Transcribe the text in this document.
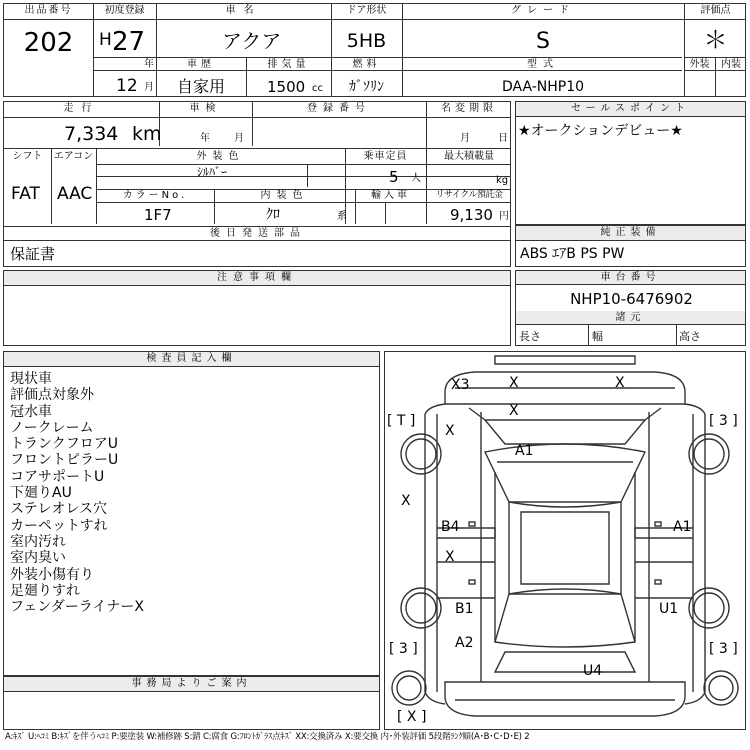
出品番号
202
初度登録
H 27
年
12 月
車名
アクア
ドア形状
5HB
グレード
S
評価点
＊
外装	内装
車歴
自家用
排気量
1500 cc
燃料
ｶﾞｿﾘﾝ
型式
DAA-NHP10
走行
7,334 km
車検
年 月
登録番号	名変期限
月	日
シフト
FAT
エアコン
AAC
外装色
ｼﾙﾊﾞｰ
乗車定員
5 人
最大積載量
kg
カラーNo.
1F7
内装色
ｸﾛ	系
輸入車	リサイクル預託金
9,130 円
後日発送部品
保証書
セールスポイント
★オークションデビュー★
純正装備
ABS ｴｱB PS PW
注意事項欄	車台番号
NHP10-6476902
諸元
長さ	幅	高さ
検査員記入欄
現状車
評価点対象外
冠水車
ノークレーム
トランクフロアU
フロントピラーU
コアサポートU
下廻りAU
ステレオレス穴
カーペットすれ
室内汚れ
室内臭い
外装小傷有り
足廻りすれ
フェンダーライナーX
事務局よりご案内
X3	X	X
X
[ T ]	[ 3 ]
X
A1
X
B4	A1
X
B1	U1
A2
[ 3 ]	[ 3 ]
U4
[ X ]
A:ｷｽﾞ U:ﾍｺﾐ B:ｷｽﾞを伴うﾍｺﾐ P:要塗装 W:補修跡 S:錆 C:腐食 G:ﾌﾛﾝﾄｶﾞﾗｽ点ｷｽﾞ XX:交換済み X:要交換 内･外装評価 5段階ﾗﾝｸ順(A･B･C･D･E) 2
